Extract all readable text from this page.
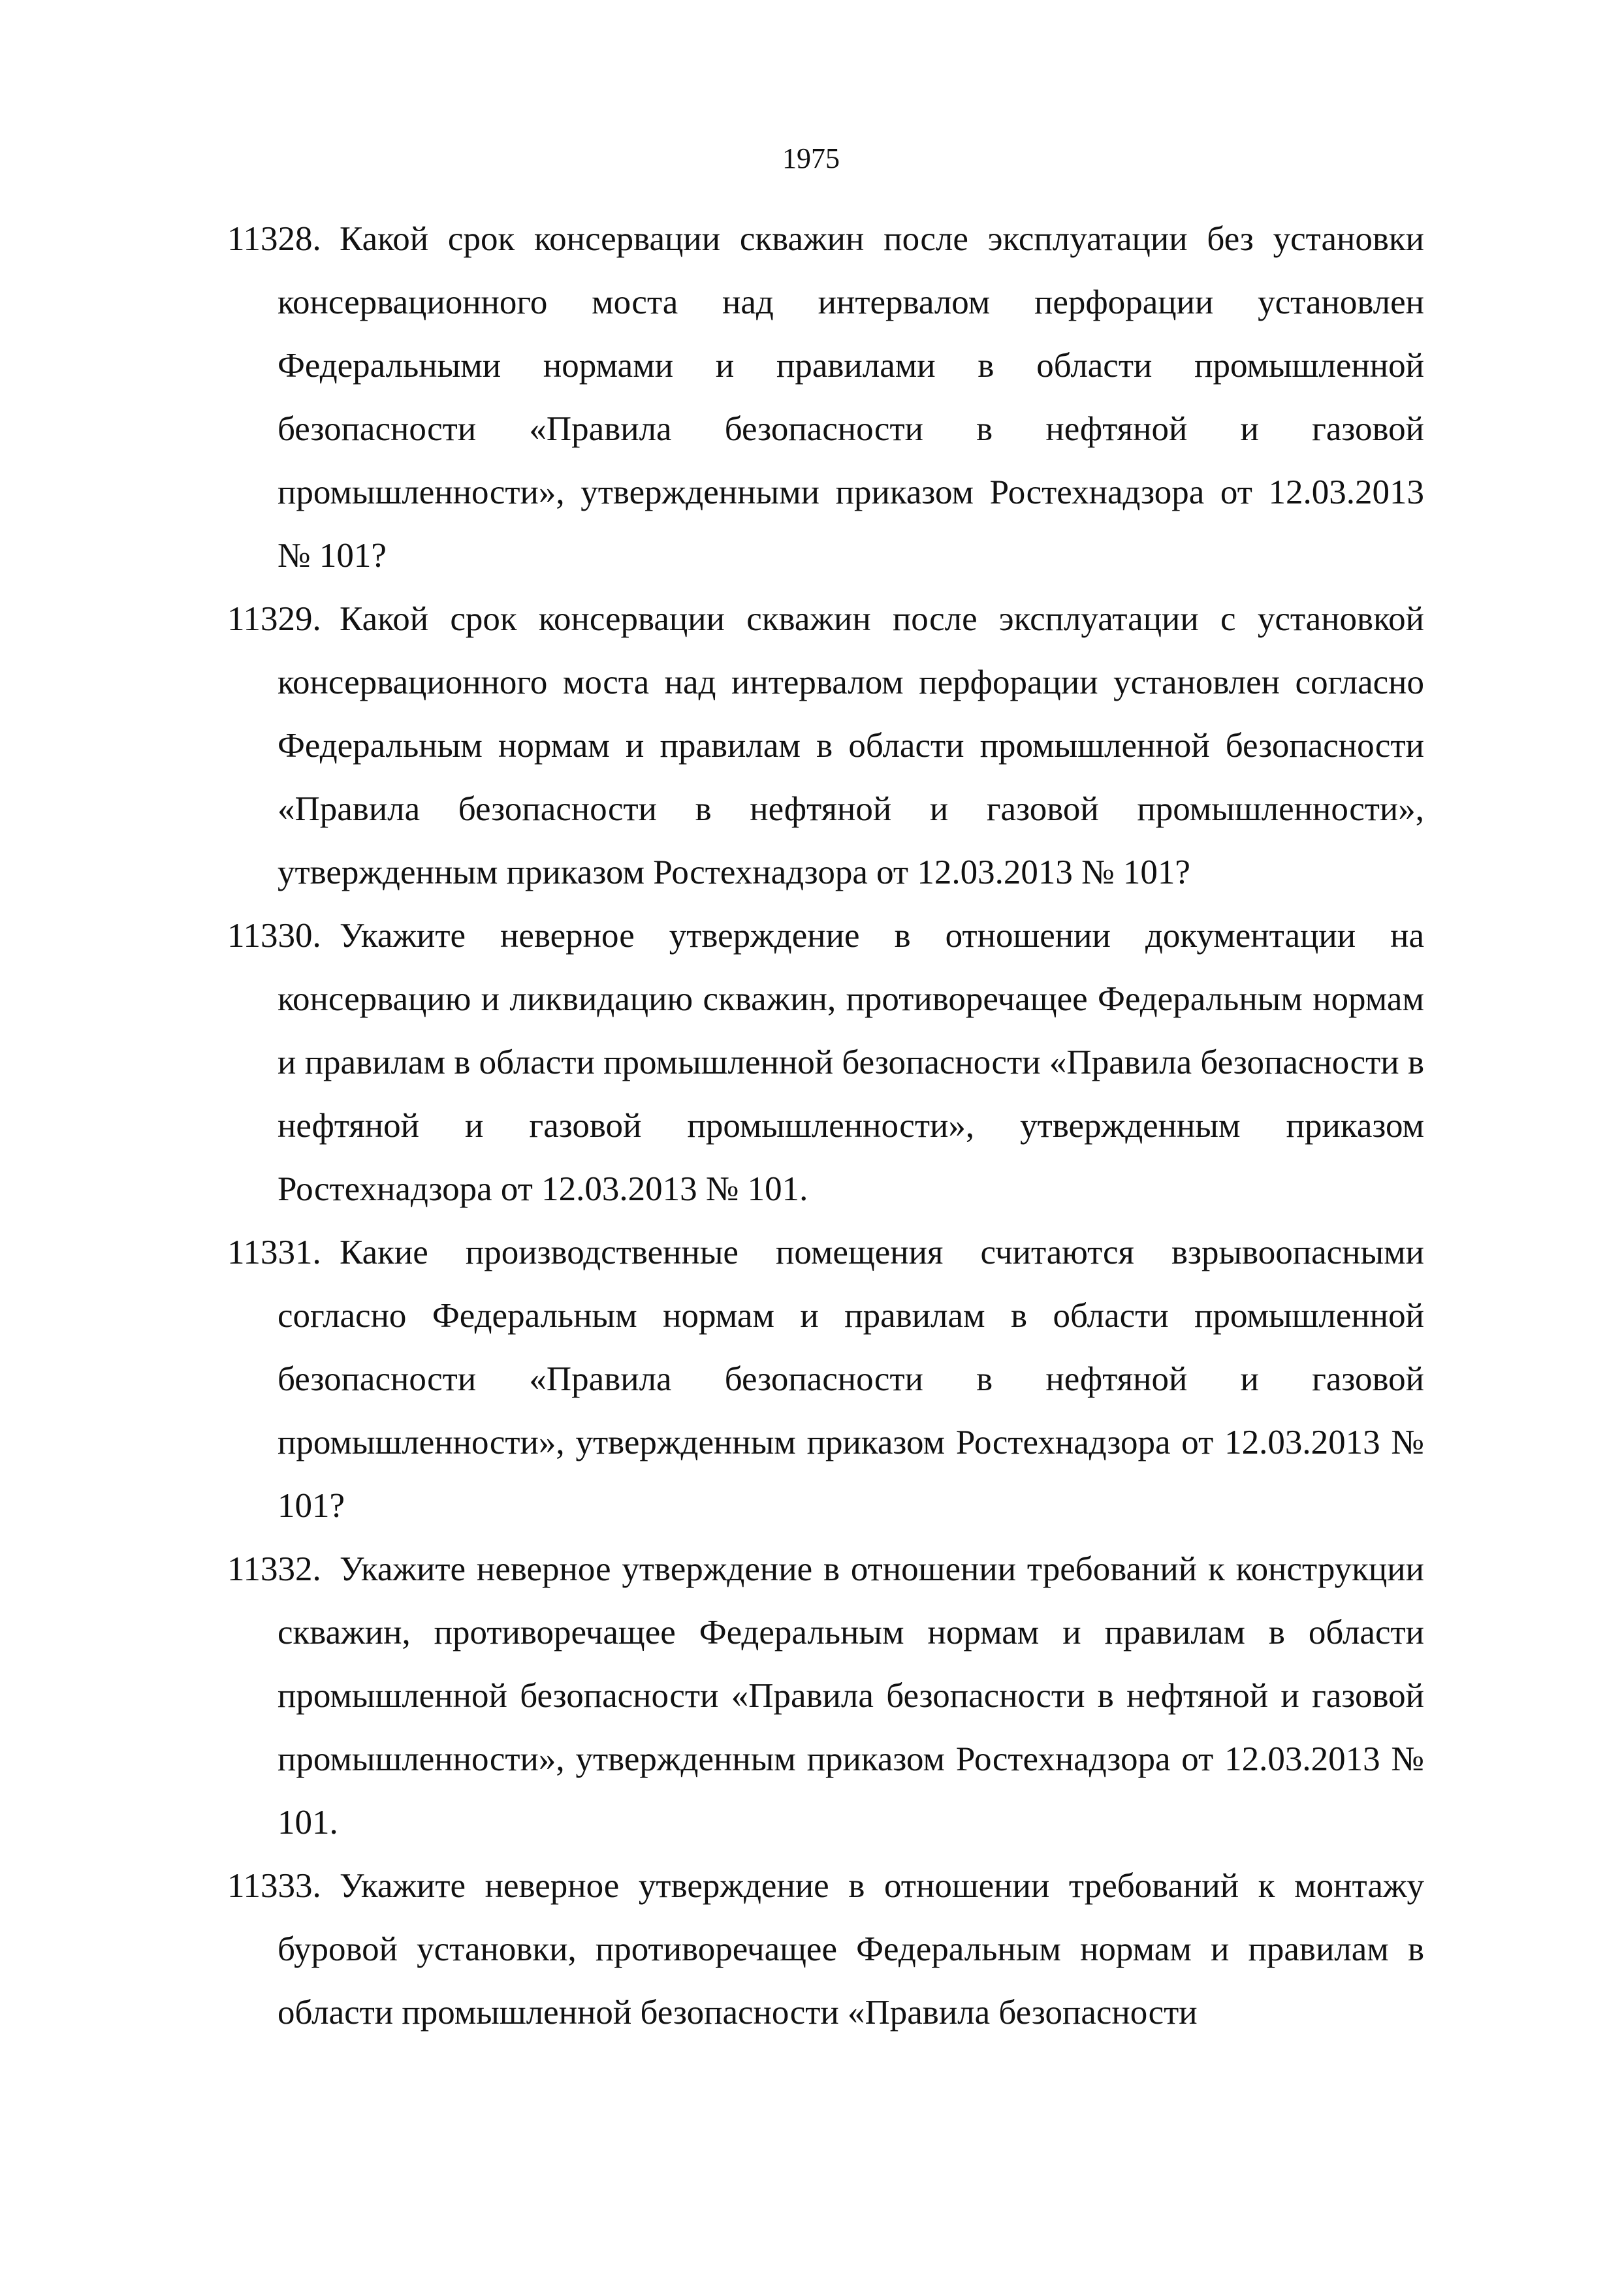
1975
11328. Какой срок консервации скважин после эксплуатации без установки консервационного моста над интервалом перфорации установлен Федеральными нормами и правилами в области промышленной безопасности «Правила безопасности в нефтяной и газовой промышленности», утвержденными приказом Ростехнадзора от 12.03.2013 № 101?
11329. Какой срок консервации скважин после эксплуатации с установкой консервационного моста над интервалом перфорации установлен согласно Федеральным нормам и правилам в области промышленной безопасности «Правила безопасности в нефтяной и газовой промышленности», утвержденным приказом Ростехнадзора от 12.03.2013 № 101?
11330. Укажите неверное утверждение в отношении документации на консервацию и ликвидацию скважин, противоречащее Федеральным нормам и правилам в области промышленной безопасности «Правила безопасности в нефтяной и газовой промышленности», утвержденным приказом Ростехнадзора от 12.03.2013 № 101.
11331. Какие производственные помещения считаются взрывоопасными согласно Федеральным нормам и правилам в области промышленной безопасности «Правила безопасности в нефтяной и газовой промышленности», утвержденным приказом Ростехнадзора от 12.03.2013 № 101?
11332. Укажите неверное утверждение в отношении требований к конструкции скважин, противоречащее Федеральным нормам и правилам в области промышленной безопасности «Правила безопасности в нефтяной и газовой промышленности», утвержденным приказом Ростехнадзора от 12.03.2013 № 101.
11333. Укажите неверное утверждение в отношении требований к монтажу буровой установки, противоречащее Федеральным нормам и правилам в области промышленной безопасности «Правила безопасности
